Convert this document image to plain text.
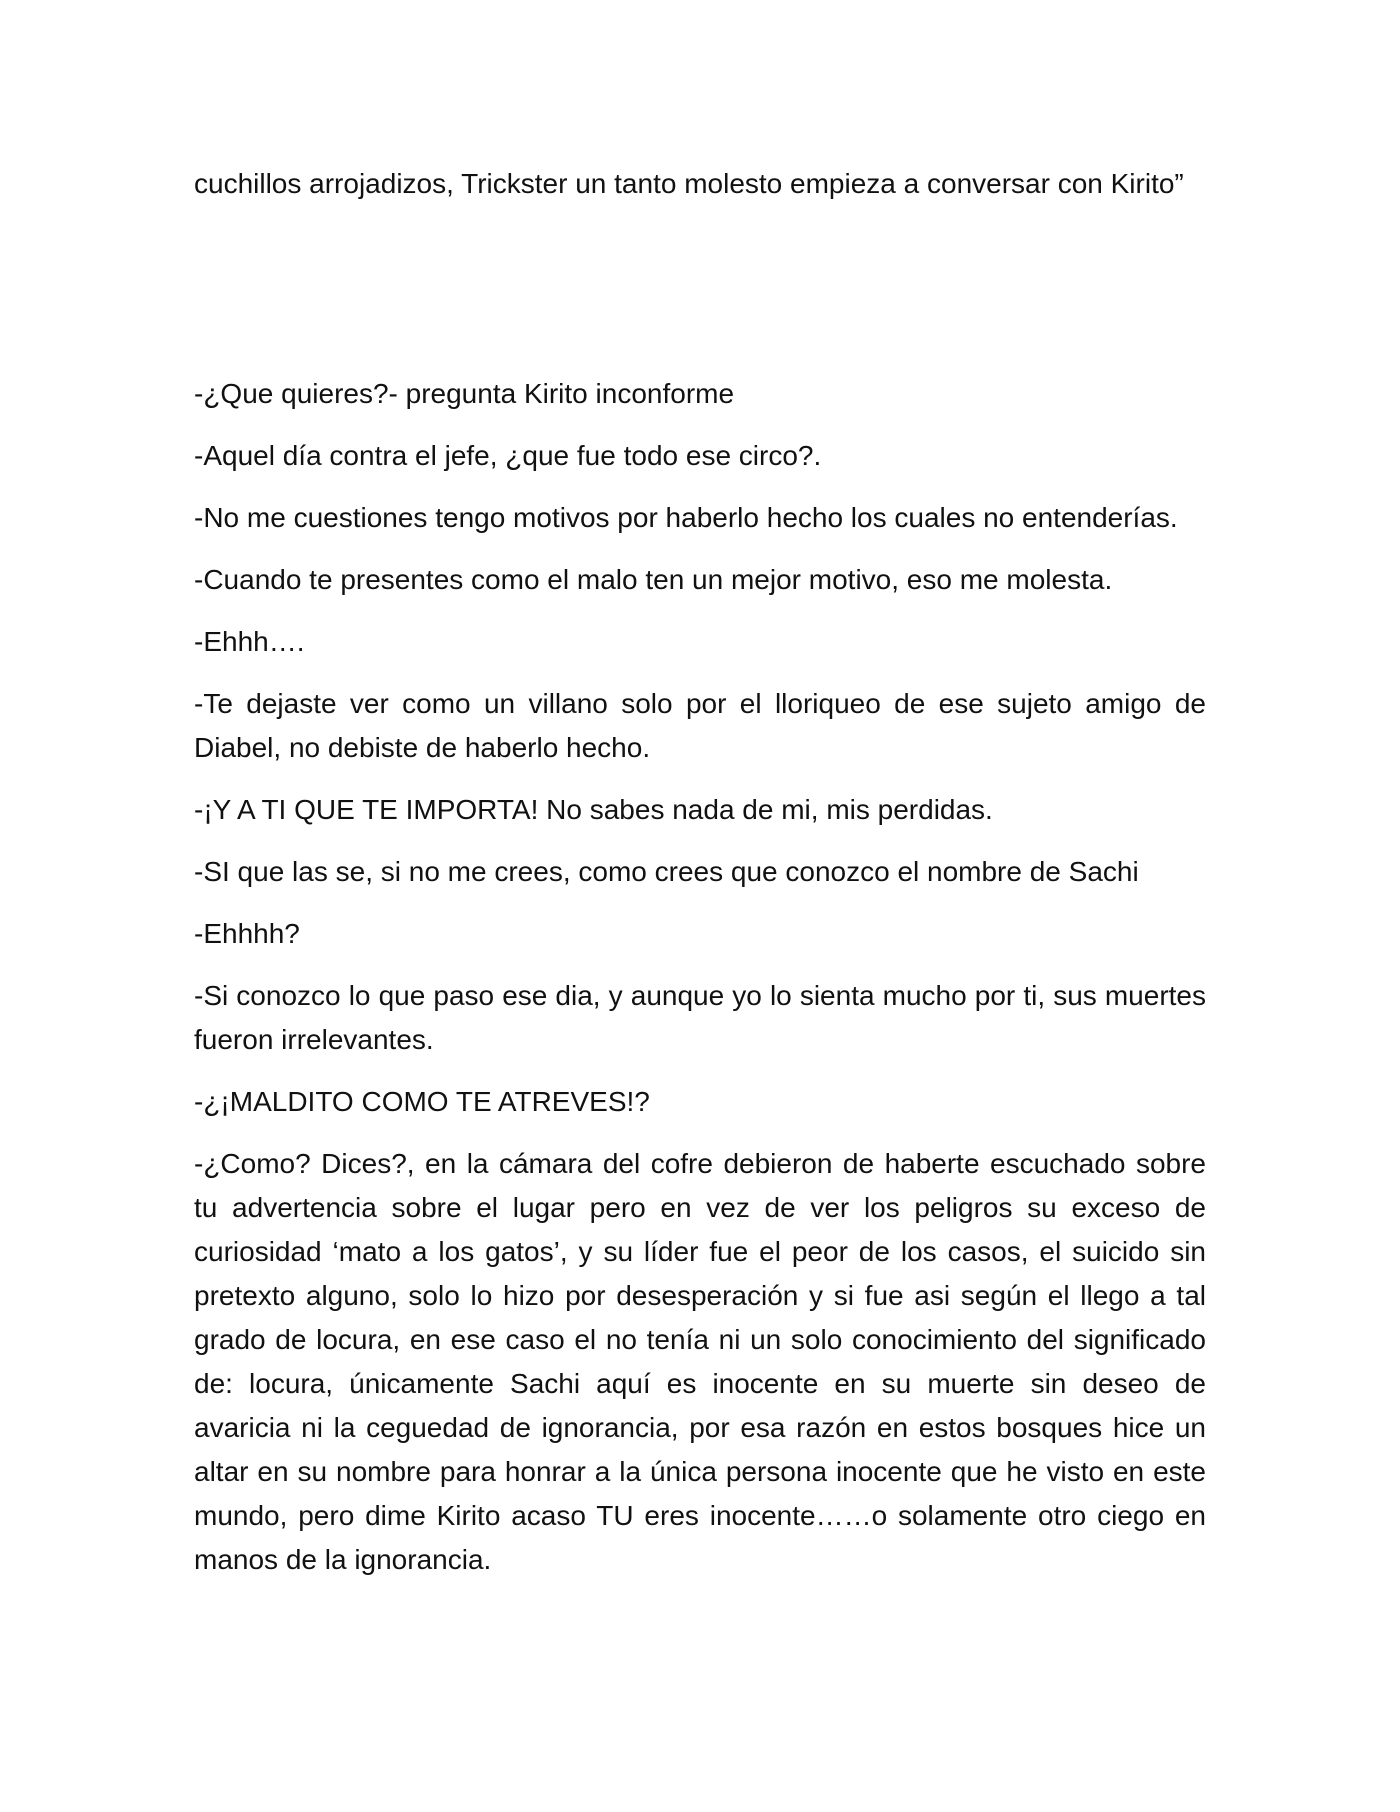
cuchillos arrojadizos, Trickster un tanto molesto empieza a conversar con Kirito”

-¿Que quieres?- pregunta Kirito inconforme

-Aquel día contra el jefe, ¿que fue todo ese circo?.

-No me cuestiones tengo motivos por haberlo hecho los cuales no entenderías.

-Cuando te presentes como el malo ten un mejor motivo, eso me molesta.

-Ehhh….

-Te dejaste ver como un villano solo por el lloriqueo de ese sujeto amigo de Diabel, no debiste de haberlo hecho.

-¡Y A TI QUE TE IMPORTA! No sabes nada de mi, mis perdidas.

-SI que las se, si no me crees, como crees que conozco el nombre de Sachi

-Ehhhh?

-Si conozco lo que paso ese dia, y aunque yo lo sienta mucho por ti, sus muertes fueron irrelevantes.

-¿¡MALDITO COMO TE ATREVES!?

-¿Como? Dices?, en la cámara del cofre debieron de haberte escuchado sobre tu advertencia sobre el lugar pero en vez de ver los peligros su exceso de curiosidad ‘mato a los gatos’, y su líder fue el peor de los casos, el suicido sin pretexto alguno, solo lo hizo por desesperación y si fue asi según el llego a tal grado de locura, en ese caso el no tenía ni un solo conocimiento del significado de: locura, únicamente Sachi aquí es inocente en su muerte sin deseo de avaricia ni la ceguedad de ignorancia, por esa razón en estos bosques hice un altar en su nombre para honrar a la única persona inocente que he visto en este mundo, pero dime Kirito acaso TU eres inocente……o solamente otro ciego en manos de la ignorancia.
